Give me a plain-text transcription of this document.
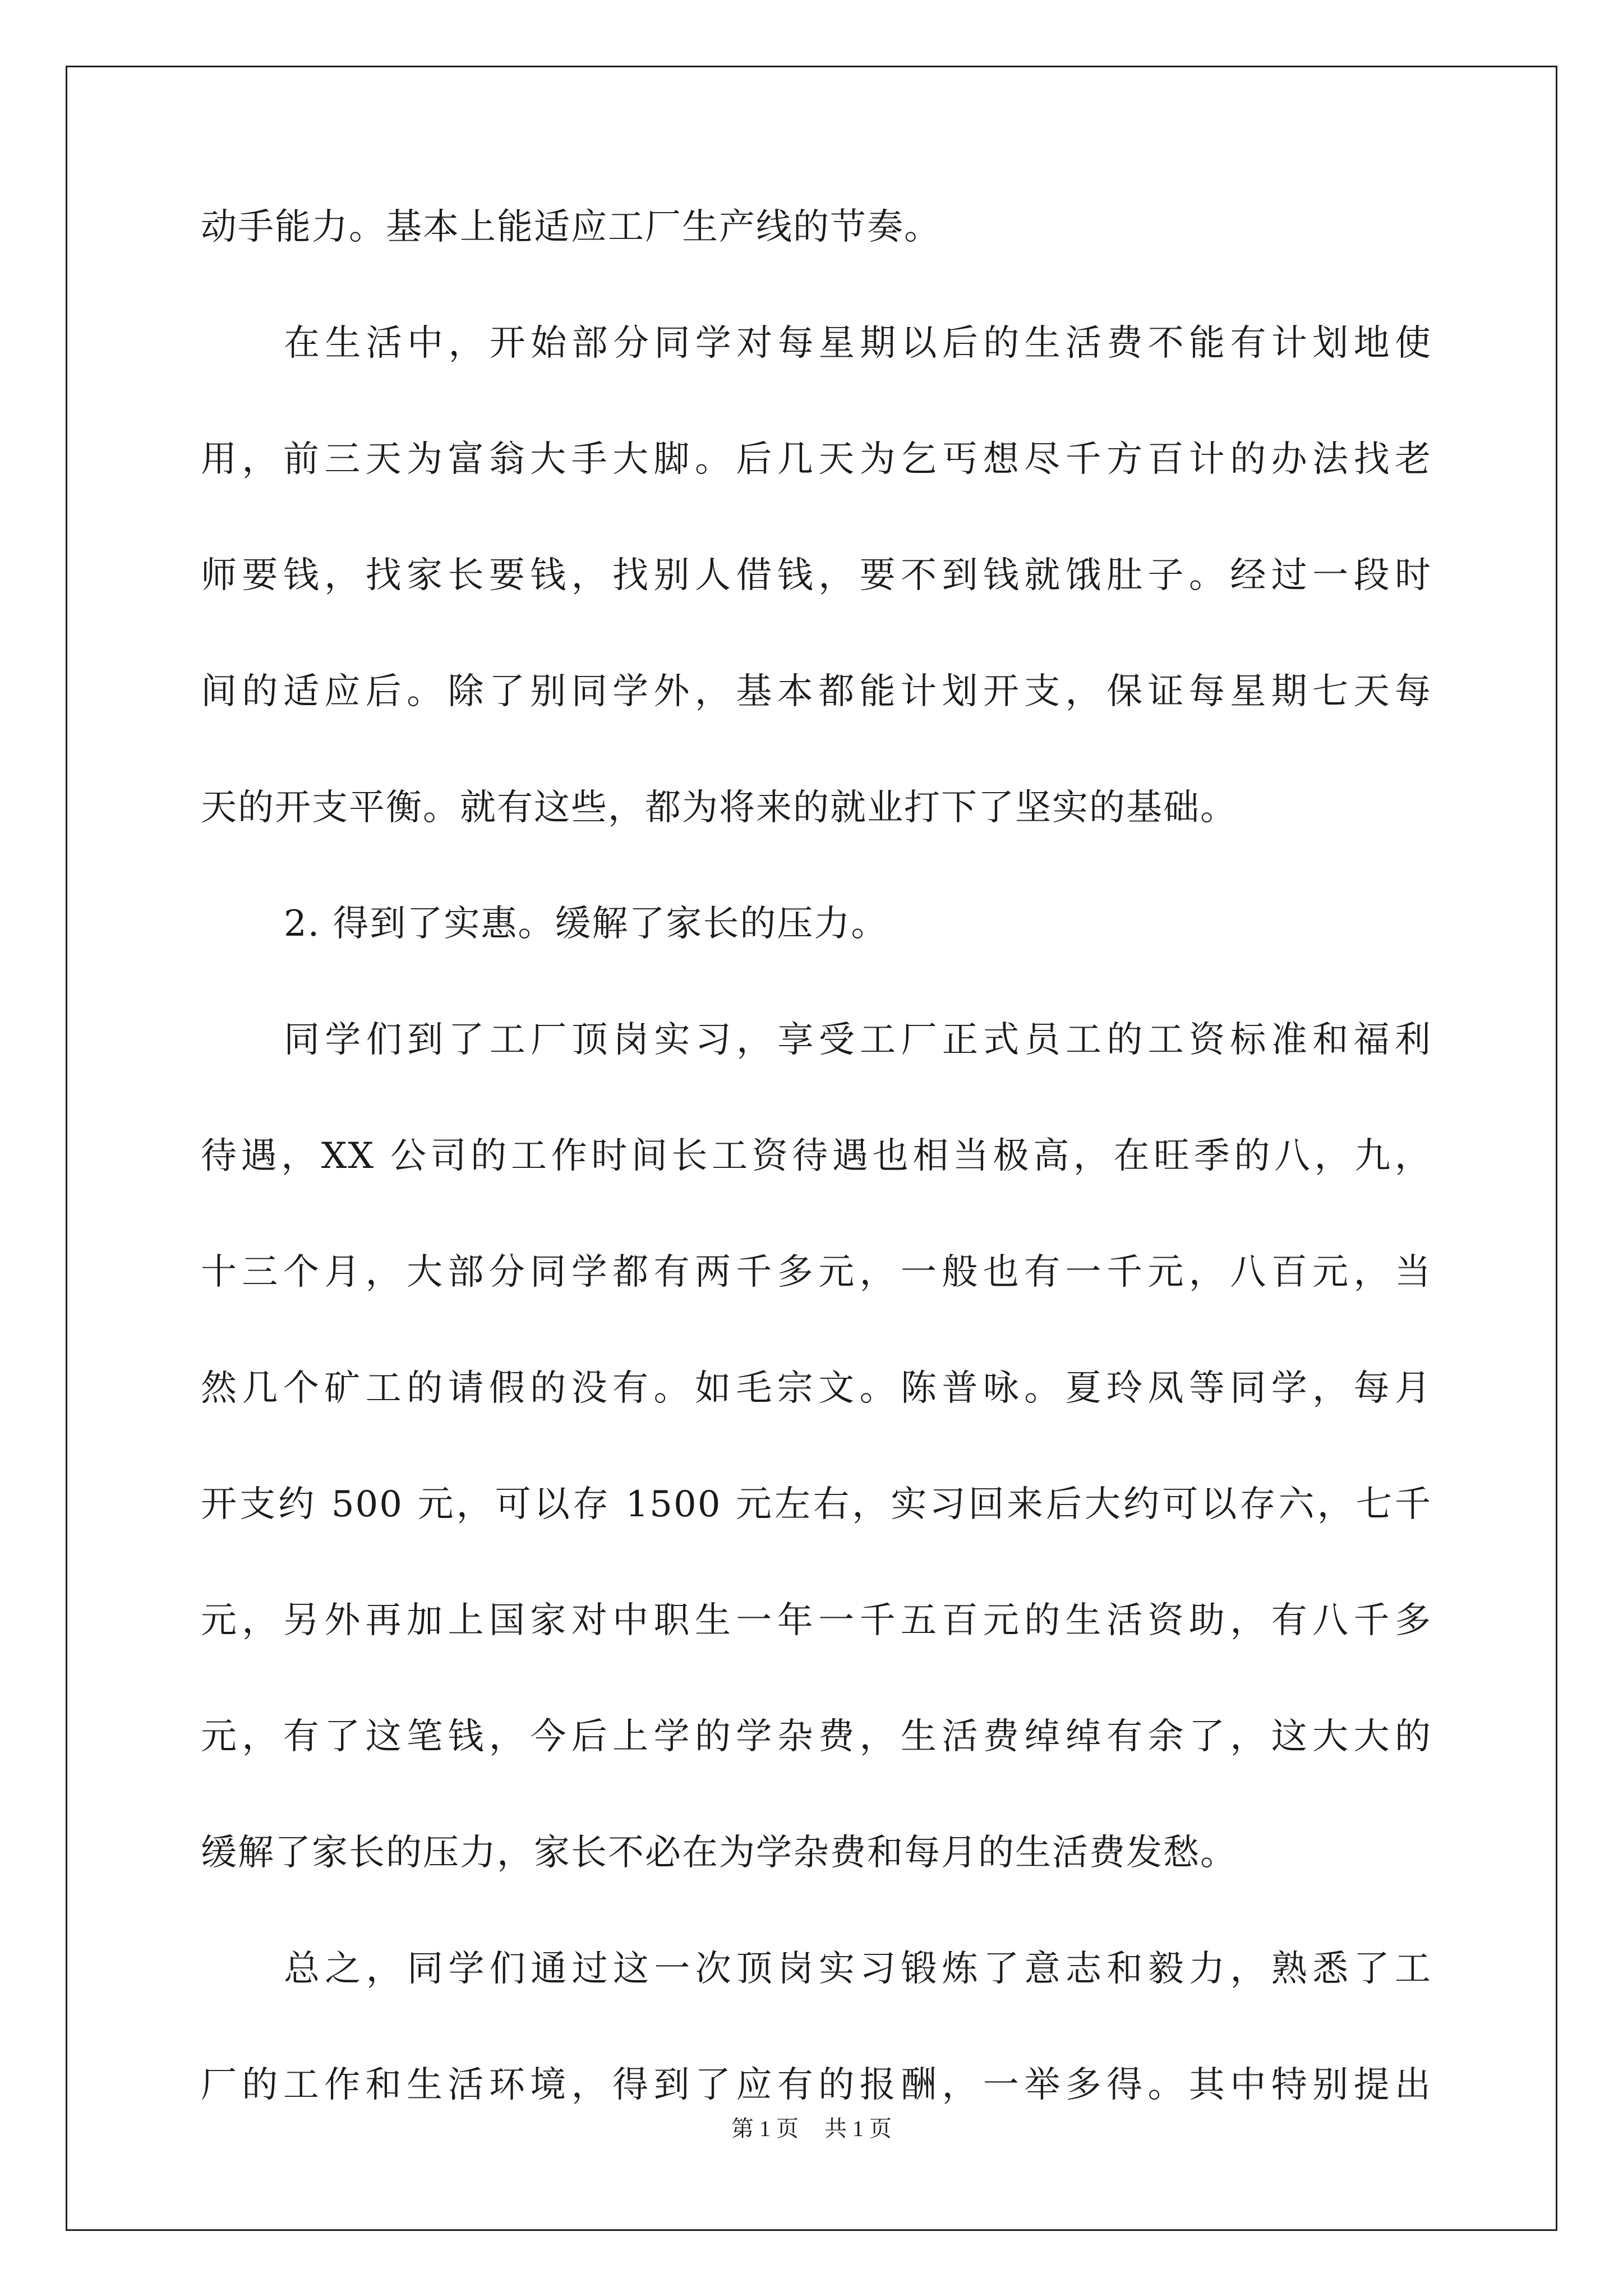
动手能力。基本上能适应工厂生产线的节奏。
在生活中，开始部分同学对每星期以后的生活费不能有计划地使
用，前三天为富翁大手大脚。后几天为乞丐想尽千方百计的办法找老
师要钱，找家长要钱，找别人借钱，要不到钱就饿肚子。经过一段时
间的适应后。除了别同学外，基本都能计划开支，保证每星期七天每
天的开支平衡。就有这些，都为将来的就业打下了坚实的基础。
2. 得到了实惠。缓解了家长的压力。
同学们到了工厂顶岗实习，享受工厂正式员工的工资标准和福利
待遇，XX 公司的工作时间长工资待遇也相当极高，在旺季的八，九，
十三个月，大部分同学都有两千多元，一般也有一千元，八百元，当
然几个矿工的请假的没有。如毛宗文。陈普咏。夏玲凤等同学，每月
开支约 500 元，可以存 1500 元左右，实习回来后大约可以存六，七千
元，另外再加上国家对中职生一年一千五百元的生活资助，有八千多
元，有了这笔钱，今后上学的学杂费，生活费绰绰有余了，这大大的
缓解了家长的压力，家长不必在为学杂费和每月的生活费发愁。
总之，同学们通过这一次顶岗实习锻炼了意志和毅力，熟悉了工
厂的工作和生活环境，得到了应有的报酬，一举多得。其中特别提出
第 1 页 共 1 页
